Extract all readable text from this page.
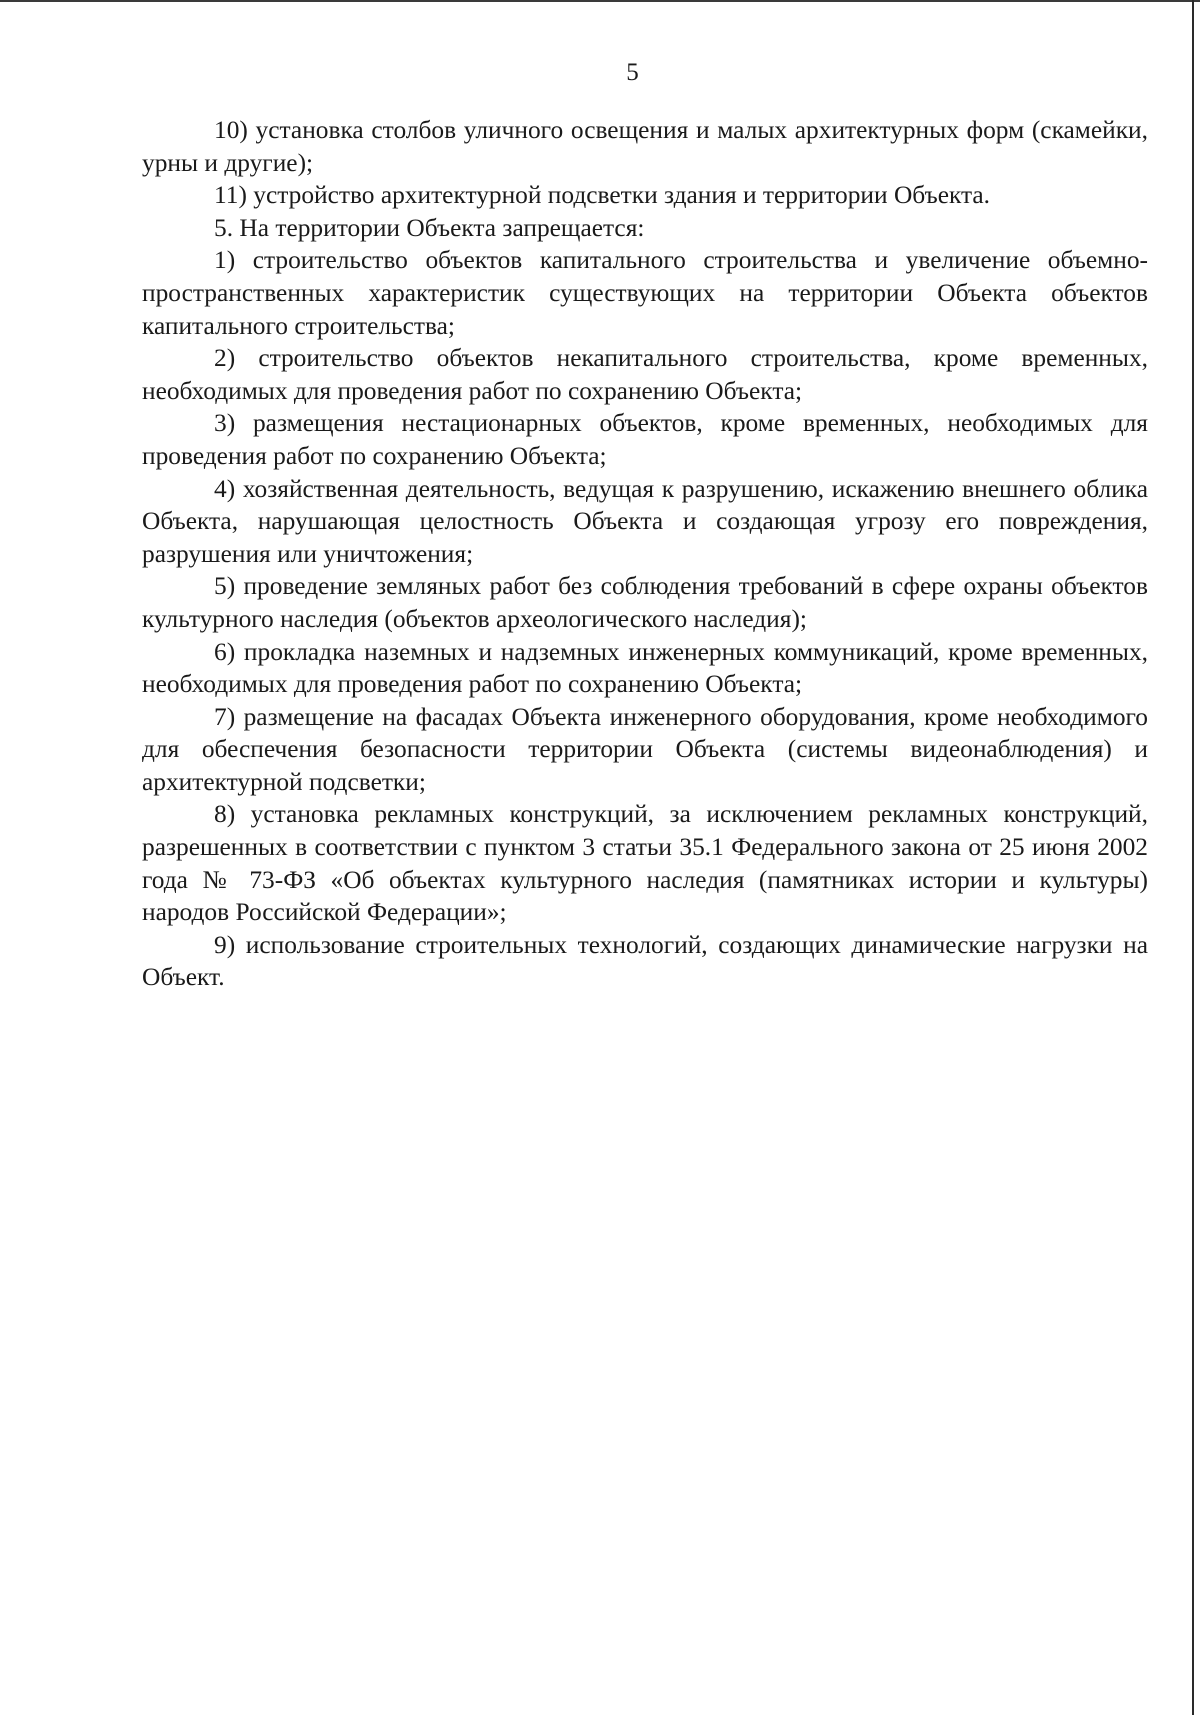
5

10) установка столбов уличного освещения и малых архитектурных форм (скамейки, урны и другие);

11) устройство архитектурной подсветки здания и территории Объекта.

5. На территории Объекта запрещается:

1) строительство объектов капитального строительства и увеличение объемно-пространственных характеристик существующих на территории Объекта объектов капитального строительства;

2) строительство объектов некапитального строительства, кроме временных, необходимых для проведения работ по сохранению Объекта;

3) размещения нестационарных объектов, кроме временных, необходимых для проведения работ по сохранению Объекта;

4) хозяйственная деятельность, ведущая к разрушению, искажению внешнего облика Объекта, нарушающая целостность Объекта и создающая угрозу его повреждения, разрушения или уничтожения;

5) проведение земляных работ без соблюдения требований в сфере охраны объектов культурного наследия (объектов археологического наследия);

6) прокладка наземных и надземных инженерных коммуникаций, кроме временных, необходимых для проведения работ по сохранению Объекта;

7) размещение на фасадах Объекта инженерного оборудования, кроме необходимого для обеспечения безопасности территории Объекта (системы видеонаблюдения) и архитектурной подсветки;

8) установка рекламных конструкций, за исключением рекламных конструкций, разрешенных в соответствии с пунктом 3 статьи 35.1 Федерального закона от 25 июня 2002 года № 73-ФЗ «Об объектах культурного наследия (памятниках истории и культуры) народов Российской Федерации»;

9) использование строительных технологий, создающих динамические нагрузки на Объект.
